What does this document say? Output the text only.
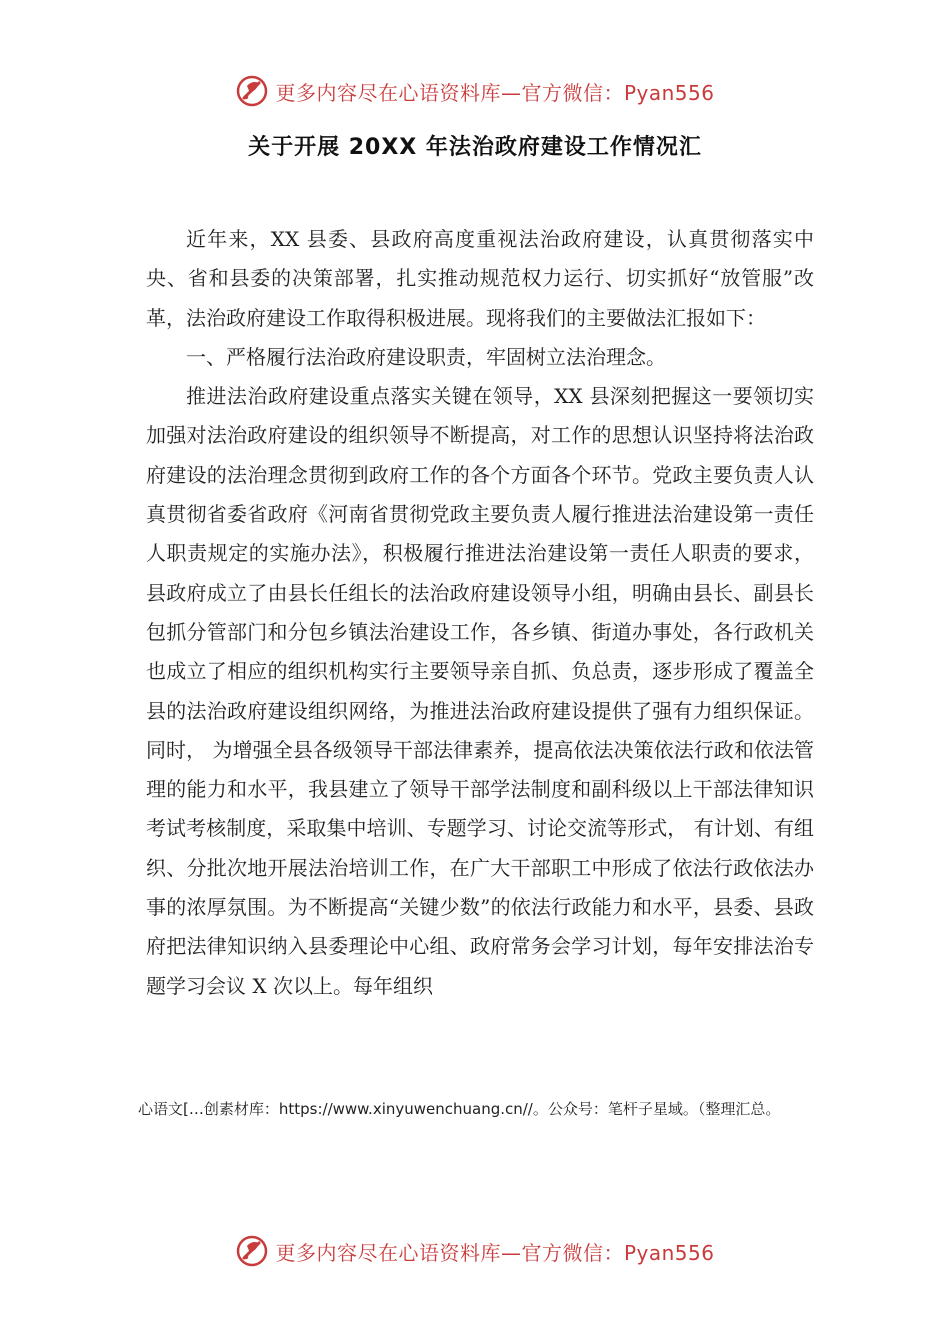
更多内容尽在心语资料库—官方微信：Pyan556
关于开展 20XX 年法治政府建设工作情况汇

近年来，XX 县委、县政府高度重视法治政府建设，认真贯彻落实中央、省和县委的决策部署，扎实推动规范权力运行、切实抓好“放管服”改革，法治政府建设工作取得积极进展。现将我们的主要做法汇报如下：

一、严格履行法治政府建设职责，牢固树立法治理念。

推进法治政府建设重点落实关键在领导，XX 县深刻把握这一要领切实加强对法治政府建设的组织领导不断提高，对工作的思想认识坚持将法治政府建设的法治理念贯彻到政府工作的各个方面各个环节。党政主要负责人认真贯彻省委省政府《河南省贯彻党政主要负责人履行推进法治建设第一责任人职责规定的实施办法》，积极履行推进法治建设第一责任人职责的要求，县政府成立了由县长任组长的法治政府建设领导小组，明确由县长、副县长包抓分管部门和分包乡镇法治建设工作，各乡镇、街道办事处，各行政机关也成立了相应的组织机构实行主要领导亲自抓、负总责，逐步形成了覆盖全县的法治政府建设组织网络，为推进法治政府建设提供了强有力组织保证。同时， 为增强全县各级领导干部法律素养，提高依法决策依法行政和依法管理的能力和水平，我县建立了领导干部学法制度和副科级以上干部法律知识考试考核制度，采取集中培训、专题学习、讨论交流等形式， 有计划、有组织、分批次地开展法治培训工作，在广大干部职工中形成了依法行政依法办事的浓厚氛围。为不断提高“关键少数”的依法行政能力和水平，县委、县政府把法律知识纳入县委理论中心组、政府常务会学习计划，每年安排法治专题学习会议 X 次以上。每年组织

心语文[…创素材库：https://www.xinyuwenchuang.cn//。公众号：笔杆子星域。（整理汇总。
更多内容尽在心语资料库—官方微信：Pyan556
